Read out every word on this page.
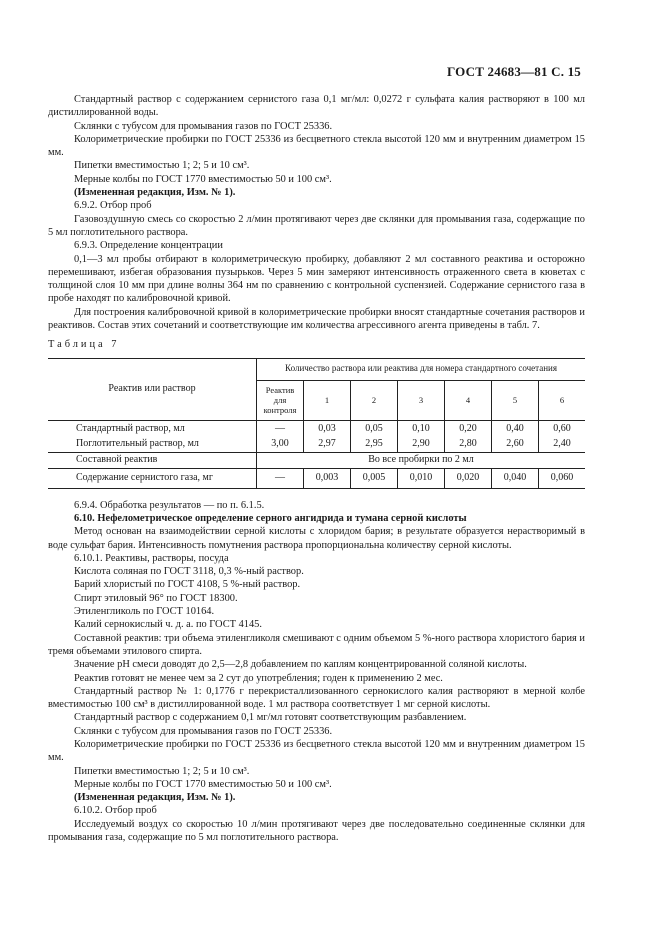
ГОСТ 24683—81 С. 15

Стандартный раствор с содержанием сернистого газа 0,1 мг/мл: 0,0272 г сульфата калия растворяют в 100 мл дистиллированной воды.

Склянки с тубусом для промывания газов по ГОСТ 25336.

Колориметрические пробирки по ГОСТ 25336 из бесцветного стекла высотой 120 мм и внутренним диаметром 15 мм.

Пипетки вместимостью 1; 2; 5 и 10 см³.

Мерные колбы по ГОСТ 1770 вместимостью 50 и 100 см³.

(Измененная редакция, Изм. № 1).

6.9.2. Отбор проб

Газовоздушную смесь со скоростью 2 л/мин протягивают через две склянки для промывания газа, содержащие по 5 мл поглотительного раствора.

6.9.3. Определение концентрации

0,1—3 мл пробы отбирают в колориметрическую пробирку, добавляют 2 мл составного реактива и осторожно перемешивают, избегая образования пузырьков. Через 5 мин замеряют интенсивность отраженного света в кюветах с толщиной слоя 10 мм при длине волны 364 нм по сравнению с контрольной суспензией. Содержание сернистого газа в пробе находят по калибровочной кривой.

Для построения калибровочной кривой в колориметрические пробирки вносят стандартные сочетания растворов и реактивов. Состав этих сочетаний и соответствующие им количества агрессивного агента приведены в табл. 7.

Таблица 7

Реактив или раствор	Количество раствора или реактива для номера стандартного сочетания						
	Реактив для контроля	1	2	3	4	5	6
Стандартный раствор, мл	—	0,03	0,05	0,10	0,20	0,40	0,60
Поглотительный раствор, мл	3,00	2,97	2,95	2,90	2,80	2,60	2,40
Составной реактив	Во все пробирки по 2 мл						
Содержание сернистого газа, мг	—	0,003	0,005	0,010	0,020	0,040	0,060

6.9.4. Обработка результатов — по п. 6.1.5.

6.10. Нефелометрическое определение серного ангидрида и тумана серной кислоты

Метод основан на взаимодействии серной кислоты с хлоридом бария; в результате образуется нерастворимый в воде сульфат бария. Интенсивность помутнения раствора пропорциональна количеству серной кислоты.

6.10.1. Реактивы, растворы, посуда

Кислота соляная по ГОСТ 3118, 0,3 %-ный раствор.

Барий хлористый по ГОСТ 4108, 5 %-ный раствор.

Спирт этиловый 96° по ГОСТ 18300.

Этиленгликоль по ГОСТ 10164.

Калий сернокислый ч. д. а. по ГОСТ 4145.

Составной реактив: три объема этиленгликоля смешивают с одним объемом 5 %-ного раствора хлористого бария и тремя объемами этилового спирта.

Значение pH смеси доводят до 2,5—2,8 добавлением по каплям концентрированной соляной кислоты.

Реактив готовят не менее чем за 2 сут до употребления; годен к применению 2 мес.

Стандартный раствор № 1: 0,1776 г перекристаллизованного сернокислого калия растворяют в мерной колбе вместимостью 100 см³ в дистиллированной воде. 1 мл раствора соответствует 1 мг серной кислоты.

Стандартный раствор с содержанием 0,1 мг/мл готовят соответствующим разбавлением.

Склянки с тубусом для промывания газов по ГОСТ 25336.

Колориметрические пробирки по ГОСТ 25336 из бесцветного стекла высотой 120 мм и внутренним диаметром 15 мм.

Пипетки вместимостью 1; 2; 5 и 10 см³.

Мерные колбы по ГОСТ 1770 вместимостью 50 и 100 см³.

(Измененная редакция, Изм. № 1).

6.10.2. Отбор проб

Исследуемый воздух со скоростью 10 л/мин протягивают через две последовательно соединенные склянки для промывания газа, содержащие по 5 мл поглотительного раствора.
